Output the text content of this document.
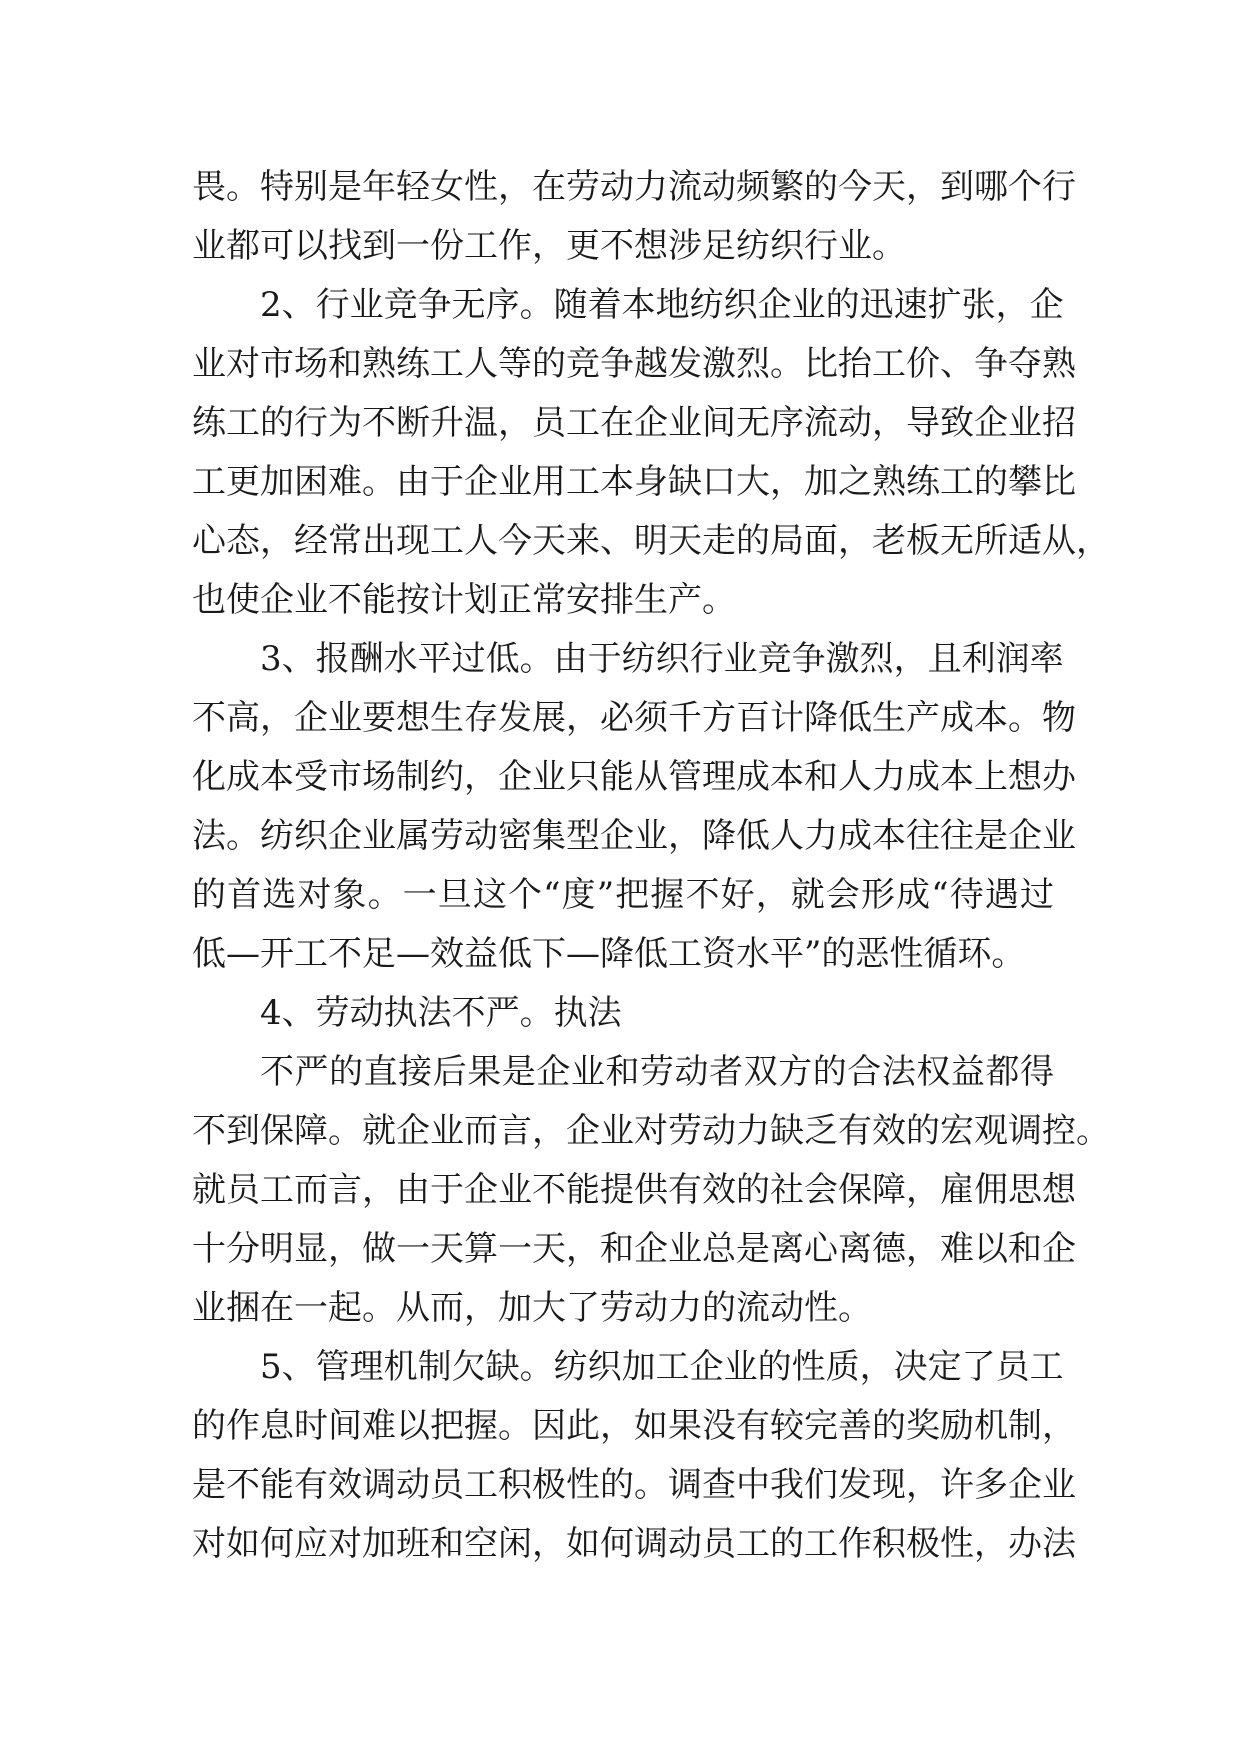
畏。特别是年轻女性，在劳动力流动频繁的今天，到哪个行
业都可以找到一份工作，更不想涉足纺织行业。
2、行业竞争无序。随着本地纺织企业的迅速扩张，企
业对市场和熟练工人等的竞争越发激烈。比抬工价、争夺熟
练工的行为不断升温，员工在企业间无序流动，导致企业招
工更加困难。由于企业用工本身缺口大，加之熟练工的攀比
心态，经常出现工人今天来、明天走的局面，老板无所适从，
也使企业不能按计划正常安排生产。
3、报酬水平过低。由于纺织行业竞争激烈，且利润率
不高，企业要想生存发展，必须千方百计降低生产成本。物
化成本受市场制约，企业只能从管理成本和人力成本上想办
法。纺织企业属劳动密集型企业，降低人力成本往往是企业
的首选对象。一旦这个“度”把握不好，就会形成“待遇过
低—开工不足—效益低下—降低工资水平”的恶性循环。
4、劳动执法不严。执法
不严的直接后果是企业和劳动者双方的合法权益都得
不到保障。就企业而言，企业对劳动力缺乏有效的宏观调控。
就员工而言，由于企业不能提供有效的社会保障，雇佣思想
十分明显，做一天算一天，和企业总是离心离德，难以和企
业捆在一起。从而，加大了劳动力的流动性。
5、管理机制欠缺。纺织加工企业的性质，决定了员工
的作息时间难以把握。因此，如果没有较完善的奖励机制，
是不能有效调动员工积极性的。调查中我们发现，许多企业
对如何应对加班和空闲，如何调动员工的工作积极性，办法
